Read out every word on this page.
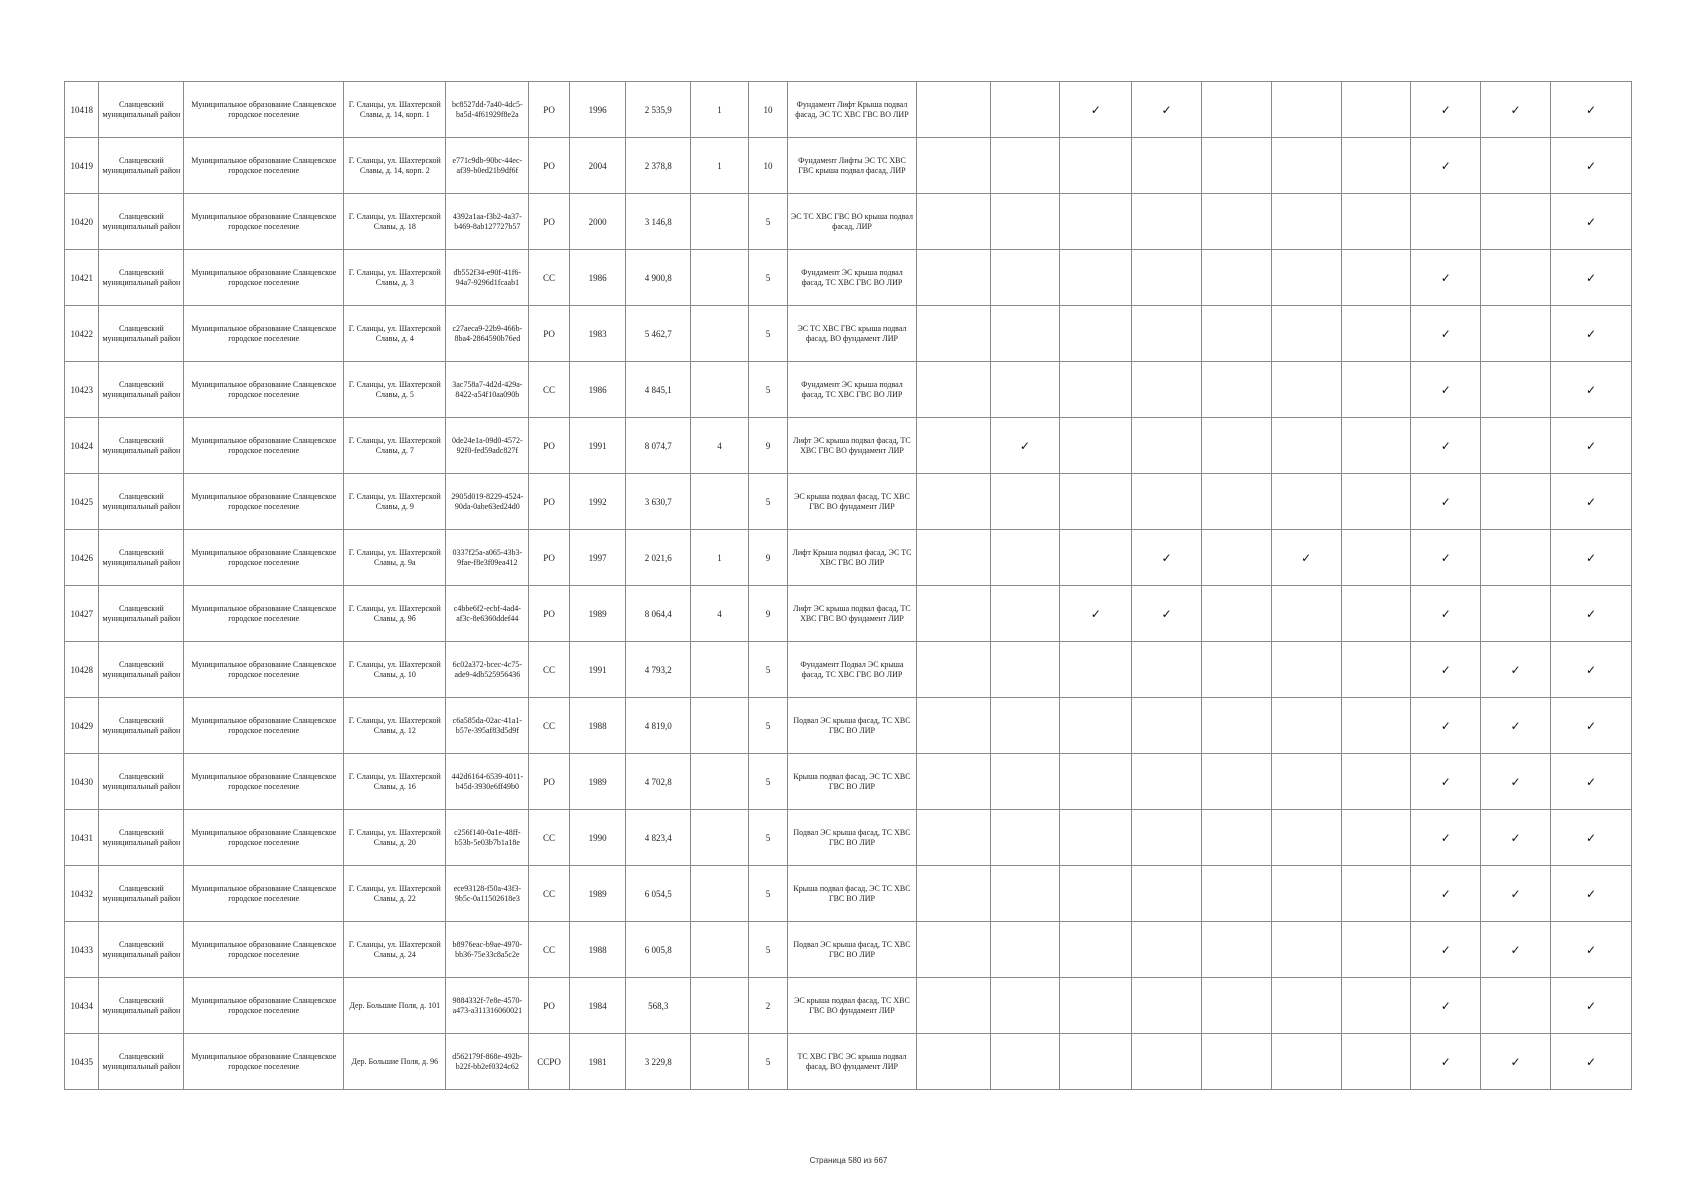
10418	Сланцевский муниципальный район	Муниципальное образование Сланцевское городское поселение	Г. Сланцы, ул. Шахтерской Славы, д. 14, корп. 1	bc8527dd-7a40-4dc5-ba5d-4f61929f8e2a	РО	1996	2 535,9	1	10	Фундамент Лифт Крыша подвал фасад, ЭС ТС ХВС ГВС ВО ЛИР			✓	✓				✓	✓	✓
10419	Сланцевский муниципальный район	Муниципальное образование Сланцевское городское поселение	Г. Сланцы, ул. Шахтерской Славы, д. 14, корп. 2	e771c9db-90bc-44ec-af39-b0ed21b9df6f	РО	2004	2 378,8	1	10	Фундамент Лифты ЭС ТС ХВС ГВС крыша подвал фасад, ЛИР								✓		✓
10420	Сланцевский муниципальный район	Муниципальное образование Сланцевское городское поселение	Г. Сланцы, ул. Шахтерской Славы, д. 18	4392a1aa-f3b2-4a37-b469-8ab127727b57	РО	2000	3 146,8		5	ЭС ТС ХВС ГВС ВО крыша подвал фасад, ЛИР										✓
10421	Сланцевский муниципальный район	Муниципальное образование Сланцевское городское поселение	Г. Сланцы, ул. Шахтерской Славы, д. 3	db552f34-e90f-41f6-94a7-9296d1fcaab1	СС	1986	4 900,8		5	Фундамент ЭС крыша подвал фасад, ТС ХВС ГВС ВО ЛИР								✓		✓
10422	Сланцевский муниципальный район	Муниципальное образование Сланцевское городское поселение	Г. Сланцы, ул. Шахтерской Славы, д. 4	c27aeca9-22b9-466b-8ba4-2864590b76ed	РО	1983	5 462,7		5	ЭС ТС ХВС ГВС крыша подвал фасад, ВО фундамент ЛИР								✓		✓
10423	Сланцевский муниципальный район	Муниципальное образование Сланцевское городское поселение	Г. Сланцы, ул. Шахтерской Славы, д. 5	3ac758a7-4d2d-429a-8422-a54f10aa090b	СС	1986	4 845,1		5	Фундамент ЭС крыша подвал фасад, ТС ХВС ГВС ВО ЛИР								✓		✓
10424	Сланцевский муниципальный район	Муниципальное образование Сланцевское городское поселение	Г. Сланцы, ул. Шахтерской Славы, д. 7	0de24e1a-09d0-4572-92f0-fed59adc827f	РО	1991	8 074,7	4	9	Лифт ЭС крыша подвал фасад, ТС ХВС ГВС ВО фундамент ЛИР		✓						✓		✓
10425	Сланцевский муниципальный район	Муниципальное образование Сланцевское городское поселение	Г. Сланцы, ул. Шахтерской Славы, д. 9	2905d019-8229-4524-90da-0abe63ed24d0	РО	1992	3 630,7		5	ЭС крыша подвал фасад, ТС ХВС ГВС ВО фундамент ЛИР								✓		✓
10426	Сланцевский муниципальный район	Муниципальное образование Сланцевское городское поселение	Г. Сланцы, ул. Шахтерской Славы, д. 9а	0337f25a-a065-43b3-9fae-f8e3f09ea412	РО	1997	2 021,6	1	9	Лифт Крыша подвал фасад, ЭС ТС ХВС ГВС ВО ЛИР				✓		✓		✓		✓
10427	Сланцевский муниципальный район	Муниципальное образование Сланцевское городское поселение	Г. Сланцы, ул. Шахтерской Славы, д. 9б	c4bbe6f2-ecbf-4ad4-af3c-8e6360ddef44	РО	1989	8 064,4	4	9	Лифт ЭС крыша подвал фасад, ТС ХВС ГВС ВО фундамент ЛИР			✓	✓				✓		✓
10428	Сланцевский муниципальный район	Муниципальное образование Сланцевское городское поселение	Г. Сланцы, ул. Шахтерской Славы, д. 10	6c02a372-bcec-4c75-ade9-4db525956436	СС	1991	4 793,2		5	Фундамент Подвал ЭС крыша фасад, ТС ХВС ГВС ВО ЛИР								✓	✓	✓
10429	Сланцевский муниципальный район	Муниципальное образование Сланцевское городское поселение	Г. Сланцы, ул. Шахтерской Славы, д. 12	c6a585da-02ac-41a1-b57e-395af83d5d9f	СС	1988	4 819,0		5	Подвал ЭС крыша фасад, ТС ХВС ГВС ВО ЛИР								✓	✓	✓
10430	Сланцевский муниципальный район	Муниципальное образование Сланцевское городское поселение	Г. Сланцы, ул. Шахтерской Славы, д. 16	442d6164-6539-4011-b45d-3930e6ff49b0	РО	1989	4 702,8		5	Крыша подвал фасад, ЭС ТС ХВС ГВС ВО ЛИР								✓	✓	✓
10431	Сланцевский муниципальный район	Муниципальное образование Сланцевское городское поселение	Г. Сланцы, ул. Шахтерской Славы, д. 20	c256f140-0a1e-48ff-b53b-5e03b7b1a18e	СС	1990	4 823,4		5	Подвал ЭС крыша фасад, ТС ХВС ГВС ВО ЛИР								✓	✓	✓
10432	Сланцевский муниципальный район	Муниципальное образование Сланцевское городское поселение	Г. Сланцы, ул. Шахтерской Славы, д. 22	ece93128-f50a-43f3-9b5c-0a11502618e3	СС	1989	6 054,5		5	Крыша подвал фасад, ЭС ТС ХВС ГВС ВО ЛИР								✓	✓	✓
10433	Сланцевский муниципальный район	Муниципальное образование Сланцевское городское поселение	Г. Сланцы, ул. Шахтерской Славы, д. 24	b8976eac-b9ae-4970-bb36-75e33c8a5c2e	СС	1988	6 005,8		5	Подвал ЭС крыша фасад, ТС ХВС ГВС ВО ЛИР								✓	✓	✓
10434	Сланцевский муниципальный район	Муниципальное образование Сланцевское городское поселение	Дер. Большие Поля, д. 101	9884332f-7e8e-4570-a473-a311316060021	РО	1984	568,3		2	ЭС крыша подвал фасад, ТС ХВС ГВС ВО фундамент ЛИР								✓		✓
10435	Сланцевский муниципальный район	Муниципальное образование Сланцевское городское поселение	Дер. Большие Поля, д. 96	d562179f-868e-492b-b22f-bb2ef0324c62	ССРО	1981	3 229,8		5	ТС ХВС ГВС ЭС крыша подвал фасад, ВО фундамент ЛИР								✓	✓	✓
Страница 580 из 667
